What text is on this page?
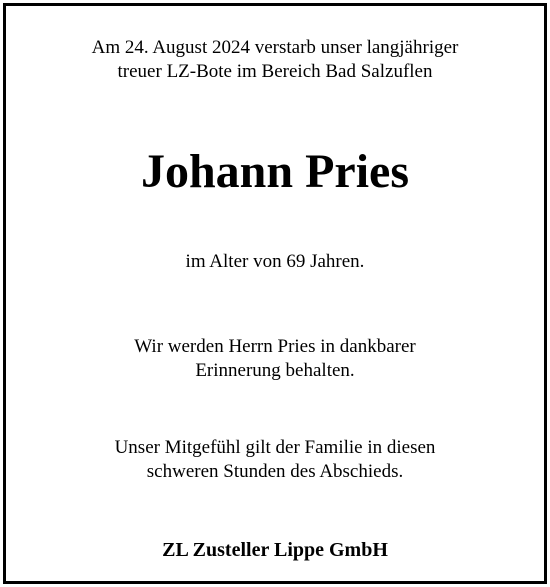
Am 24. August 2024 verstarb unser langjähriger
treuer LZ-Bote im Bereich Bad Salzuflen

Johann Pries

im Alter von 69 Jahren.

Wir werden Herrn Pries in dankbarer
Erinnerung behalten.

Unser Mitgefühl gilt der Familie in diesen
schweren Stunden des Abschieds.

ZL Zusteller Lippe GmbH
